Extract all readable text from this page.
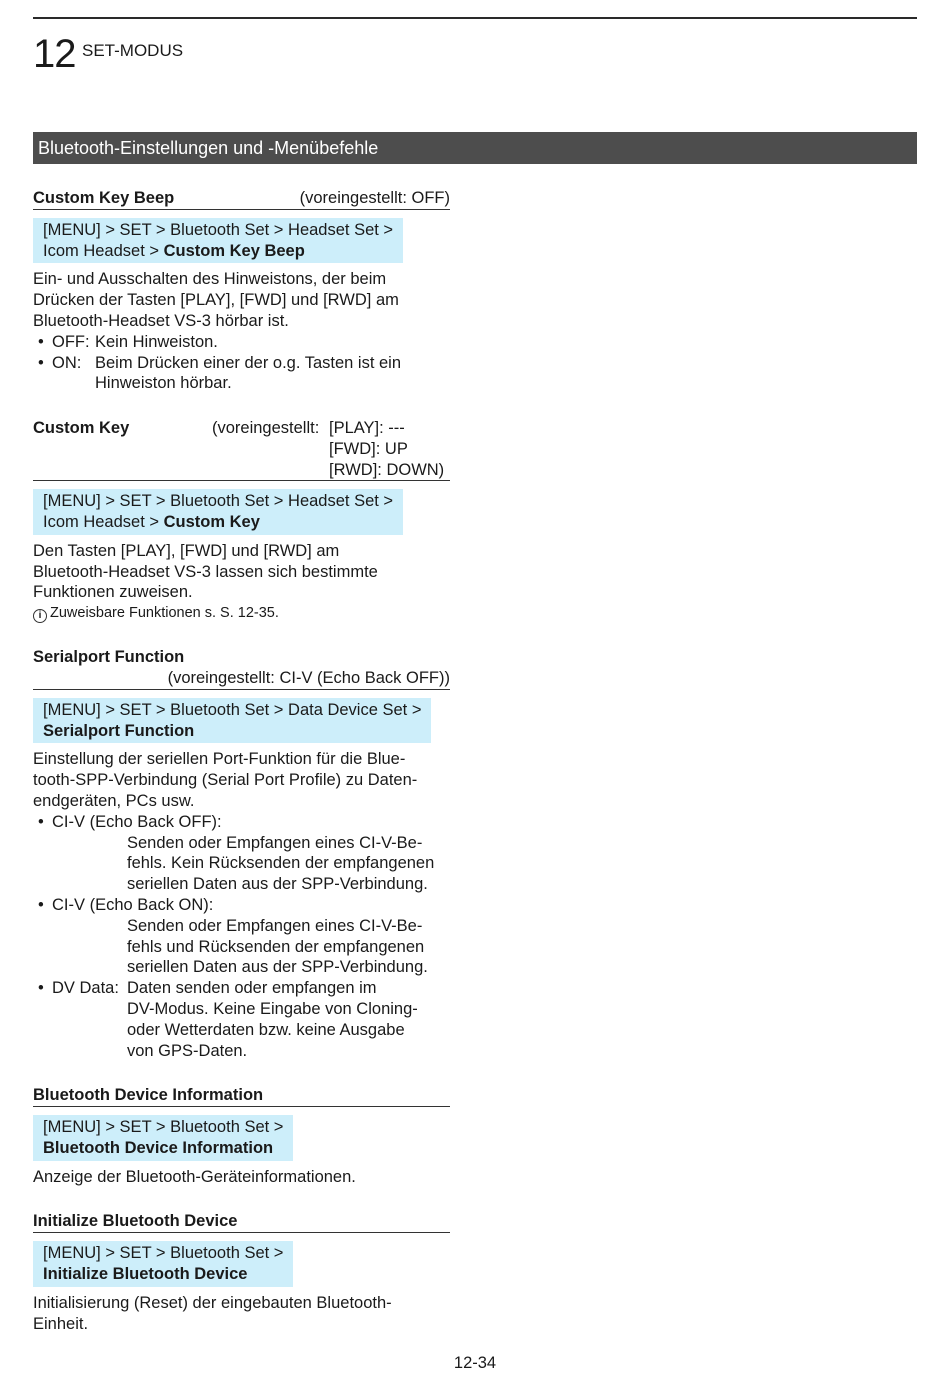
12 SET-MODUS
Bluetooth-Einstellungen und -Menübefehle
Custom Key Beep	(voreingestellt: OFF)
[MENU] > SET > Bluetooth Set > Headset Set >
Icom Headset > Custom Key Beep
Ein- und Ausschalten des Hinweistons, der beim
Drücken der Tasten [PLAY], [FWD] und [RWD] am
Bluetooth-Headset VS-3 hörbar ist.
• OFF: Kein Hinweiston.
• ON: Beim Drücken einer der o.g. Tasten ist ein
Hinweiston hörbar.
Custom Key	(voreingestellt: [PLAY]: ---
[FWD]: UP
[RWD]: DOWN)
[MENU] > SET > Bluetooth Set > Headset Set >
Icom Headset > Custom Key
Den Tasten [PLAY], [FWD] und [RWD] am
Bluetooth-Headset VS-3 lassen sich bestimmte
Funktionen zuweisen.
i Zuweisbare Funktionen s. S. 12-35.
Serialport Function
(voreingestellt: CI-V (Echo Back OFF))
[MENU] > SET > Bluetooth Set > Data Device Set >
Serialport Function
Einstellung der seriellen Port-Funktion für die Blue-
tooth-SPP-Verbindung (Serial Port Profile) zu Daten-
endgeräten, PCs usw.
• CI-V (Echo Back OFF):
Senden oder Empfangen eines CI-V-Be-
fehls. Kein Rücksenden der empfangenen
seriellen Daten aus der SPP-Verbindung.
• CI-V (Echo Back ON):
Senden oder Empfangen eines CI-V-Be-
fehls und Rücksenden der empfangenen
seriellen Daten aus der SPP-Verbindung.
• DV Data: Daten senden oder empfangen im
DV-Modus. Keine Eingabe von Cloning-
oder Wetterdaten bzw. keine Ausgabe
von GPS-Daten.
Bluetooth Device Information
[MENU] > SET > Bluetooth Set >
Bluetooth Device Information
Anzeige der Bluetooth-Geräteinformationen.
Initialize Bluetooth Device
[MENU] > SET > Bluetooth Set >
Initialize Bluetooth Device
Initialisierung (Reset) der eingebauten Bluetooth-
Einheit.
12-34
